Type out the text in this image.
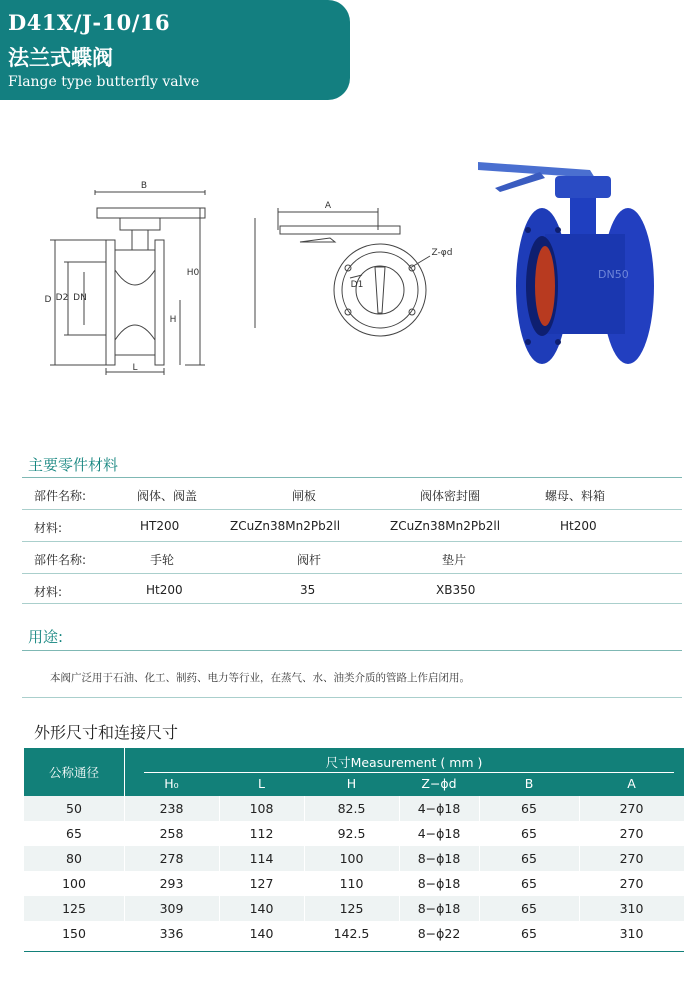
D41X/J-10/16
法兰式蝶阀
Flange type butterfly valve
B
D D2 DN
H0
H
L
A
D1
Z-φd
DN50
主要零件材料
部件名称:	阀体、阀盖	闸板	阀体密封圈	螺母、料箱
材料:	HT200	ZCuZn38Mn2Pb2ll	ZCuZn38Mn2Pb2ll	Ht200
部件名称:	手轮	阀杆	垫片
材料:	Ht200	35	XB350
用途:
本阀广泛用于石油、化工、制药、电力等行业，在蒸气、水、油类介质的管路上作启闭用。
外形尺寸和连接尺寸
公称通径
尺寸Measurement ( mm )
H₀	L	H	Z−ϕd	B	A
50	238	108	82.5	4−ϕ18	65	270
65	258	112	92.5	4−ϕ18	65	270
80	278	114	100	8−ϕ18	65	270
100	293	127	110	8−ϕ18	65	270
125	309	140	125	8−ϕ18	65	310
150	336	140	142.5	8−ϕ22	65	310
